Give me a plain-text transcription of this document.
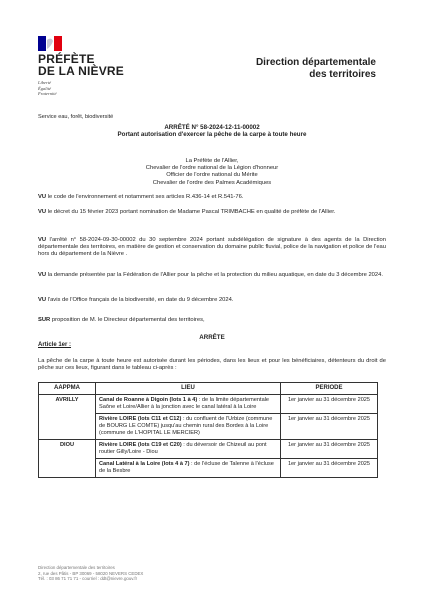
PRÉFÈTE
DE LA NIÈVRE
Liberté
Égalité
Fraternité
Direction départementale
des territoires
Service eau, forêt, biodiversité
ARRÊTÉ N° 58-2024-12-11-00002
Portant autorisation d'exercer la pêche de la carpe à toute heure
La Préfète de l'Allier,
Chevalier de l'ordre national de la Légion d'honneur
Officier de l'ordre national du Mérite
Chevalier de l'ordre des Palmes Académiques
VU le code de l'environnement et notamment ses articles R.436-14 et R.541-76.
VU le décret du 15 février 2023 portant nomination de Madame Pascal TRIMBACHE en qualité de préfète de l'Allier.
VU l'arrêté n° 58-2024-09-30-00002 du 30 septembre 2024 portant subdélégation de signature à des agents de la Direction départementale des territoires, en matière de gestion et conservation du domaine public fluvial, police de la navigation et police de l'eau hors du département de la Nièvre .
VU la demande présentée par la Fédération de l'Allier pour la pêche et la protection du milieu aquatique, en date du 3 décembre 2024.
VU l'avis de l'Office français de la biodiversité, en date du 9 décembre 2024.
SUR proposition de M. le Directeur départemental des territoires,
ARRÊTE
Article 1er :
La pêche de la carpe à toute heure est autorisée durant les périodes, dans les lieux et pour les bénéficiaires, détenteurs du droit de pêche sur ces lieux, figurant dans le tableau ci-après :
AAPPMA	LIEU	PERIODE
AVRILLY	Canal de Roanne à Digoin (lots 1 à 4) : de la limite départementale Saône et Loire/Allier à la jonction avec le canal latéral à la Loire	1er janvier au 31 décembre 2025
	Rivière LOIRE (lots C11 et C12) : du confluent de l'Urbize (commune de BOURG LE COMTE) jusqu'au chemin rural des Bordes à la Loire (commune de L'HOPITAL LE MERCIER)	1er janvier au 31 décembre 2025
DIOU	Rivière LOIRE (lots C19 et C20) : du déversoir de Chizeuil au pont routier Gilly/Loire - Diou	1er janvier au 31 décembre 2025
	Canal Latéral à la Loire (lots 4 à 7) : de l'écluse de Talenne à l'écluse de la Besbre	1er janvier au 31 décembre 2025
Direction départementale des territoires
2, rue des Pâtis - BP 30069 - 58020 NEVERS CEDEX
Tél. : 03 86 71 71 71 - courriel : ddt@nievre.gouv.fr
